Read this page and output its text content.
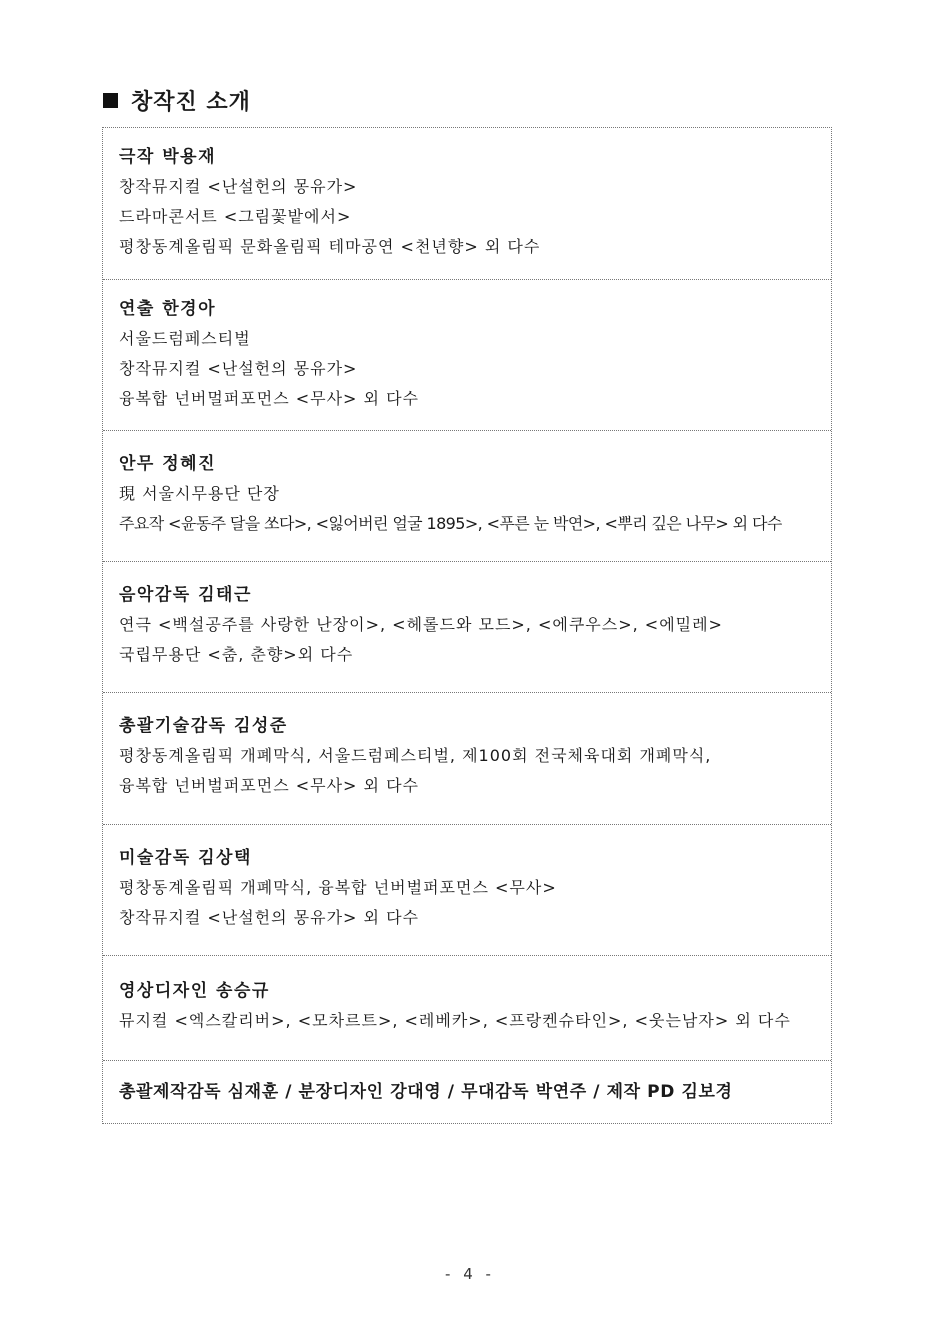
창작진 소개
극작 박용재
창작뮤지컬 <난설헌의 몽유가>
드라마콘서트 <그림꽃밭에서>
평창동계올림픽 문화올림픽 테마공연 <천년향> 외 다수
연출 한경아
서울드럼페스티벌
창작뮤지컬 <난설헌의 몽유가>
융복합 넌버멀퍼포먼스 <무사> 외 다수
안무 정혜진
現 서울시무용단 단장
주요작 <윤동주 달을 쏘다>, <잃어버린 얼굴 1895>, <푸른 눈 박연>, <뿌리 깊은 나무> 외 다수
음악감독 김태근
연극 <백설공주를 사랑한 난장이>, <헤롤드와 모드>, <에쿠우스>, <에밀레>
국립무용단 <춤, 춘향>외 다수
총괄기술감독 김성준
평창동계올림픽 개폐막식, 서울드럼페스티벌, 제100회 전국체육대회 개폐막식,
융복합 넌버벌퍼포먼스 <무사> 외 다수
미술감독 김상택
평창동계올림픽 개폐막식, 융복합 넌버벌퍼포먼스 <무사>
창작뮤지컬 <난설헌의 몽유가> 외 다수
영상디자인 송승규
뮤지컬 <엑스칼리버>, <모차르트>, <레베카>, <프랑켄슈타인>, <웃는남자> 외 다수
총괄제작감독 심재훈 / 분장디자인 강대영 / 무대감독 박연주 / 제작 PD 김보경
- 4 -
